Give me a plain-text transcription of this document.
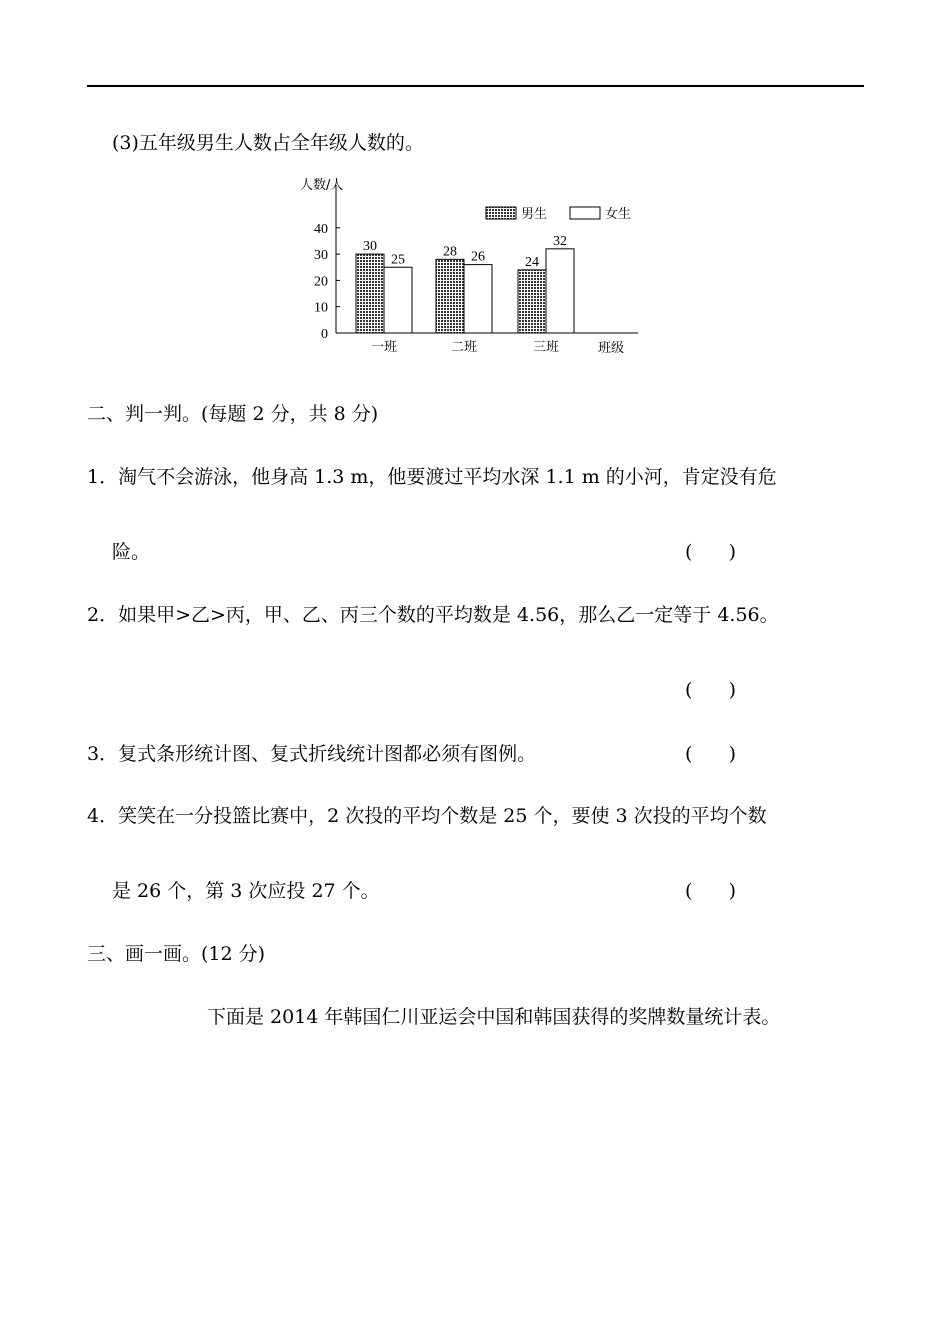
(3)五年级男生人数占全年级人数的。
0
10
20
30
40
人数/人
班级
30
25
一班
28 26
二班
24
32
三班
男生	女生
二、判一判。(每题 2 分，共 8 分)
1．淘气不会游泳，他身高 1.3 m，他要渡过平均水深 1.1 m 的小河，肯定没有危
险。	(      )
2．如果甲>乙>丙，甲、乙、丙三个数的平均数是 4.56，那么乙一定等于 4.56。
(      )
3．复式条形统计图、复式折线统计图都必须有图例。	(      )
4．笑笑在一分投篮比赛中，2 次投的平均个数是 25 个，要使 3 次投的平均个数
是 26 个，第 3 次应投 27 个。	(      )
三、画一画。(12 分)
下面是 2014 年韩国仁川亚运会中国和韩国获得的奖牌数量统计表。
